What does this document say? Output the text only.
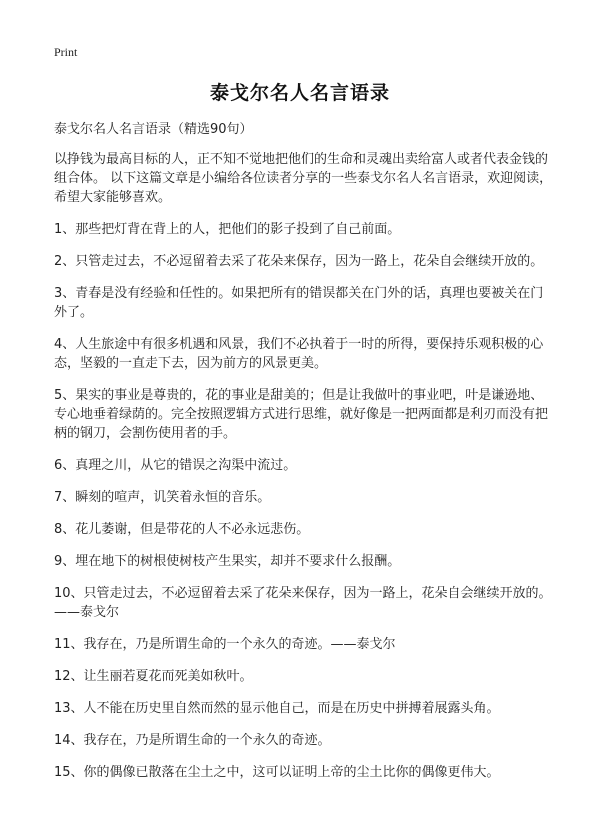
Print
泰戈尔名人名言语录
泰戈尔名人名言语录（精选90句）

以挣钱为最高目标的人，正不知不觉地把他们的生命和灵魂出卖给富人或者代表金钱的组合体。 以下这篇文章是小编给各位读者分享的一些泰戈尔名人名言语录，欢迎阅读，希望大家能够喜欢。

1、那些把灯背在背上的人，把他们的影子投到了自己前面。

2、只管走过去，不必逗留着去采了花朵来保存，因为一路上，花朵自会继续开放的。

3、青春是没有经验和任性的。如果把所有的错误都关在门外的话，真理也要被关在门外了。

4、人生旅途中有很多机遇和风景，我们不必执着于一时的所得，要保持乐观积极的心态，坚毅的一直走下去，因为前方的风景更美。

5、果实的事业是尊贵的，花的事业是甜美的；但是让我做叶的事业吧，叶是谦逊地、专心地垂着绿荫的。完全按照逻辑方式进行思维，就好像是一把两面都是利刃而没有把柄的钢刀，会割伤使用者的手。

6、真理之川，从它的错误之沟渠中流过。

7、瞬刻的喧声，讥笑着永恒的音乐。

8、花儿萎谢，但是带花的人不必永远悲伤。

9、埋在地下的树根使树枝产生果实，却并不要求什么报酬。

10、只管走过去，不必逗留着去采了花朵来保存，因为一路上，花朵自会继续开放的。——泰戈尔

11、我存在，乃是所谓生命的一个永久的奇迹。——泰戈尔

12、让生丽若夏花而死美如秋叶。

13、人不能在历史里自然而然的显示他自己，而是在历史中拼搏着展露头角。

14、我存在，乃是所谓生命的一个永久的奇迹。

15、你的偶像已散落在尘土之中，这可以证明上帝的尘土比你的偶像更伟大。
